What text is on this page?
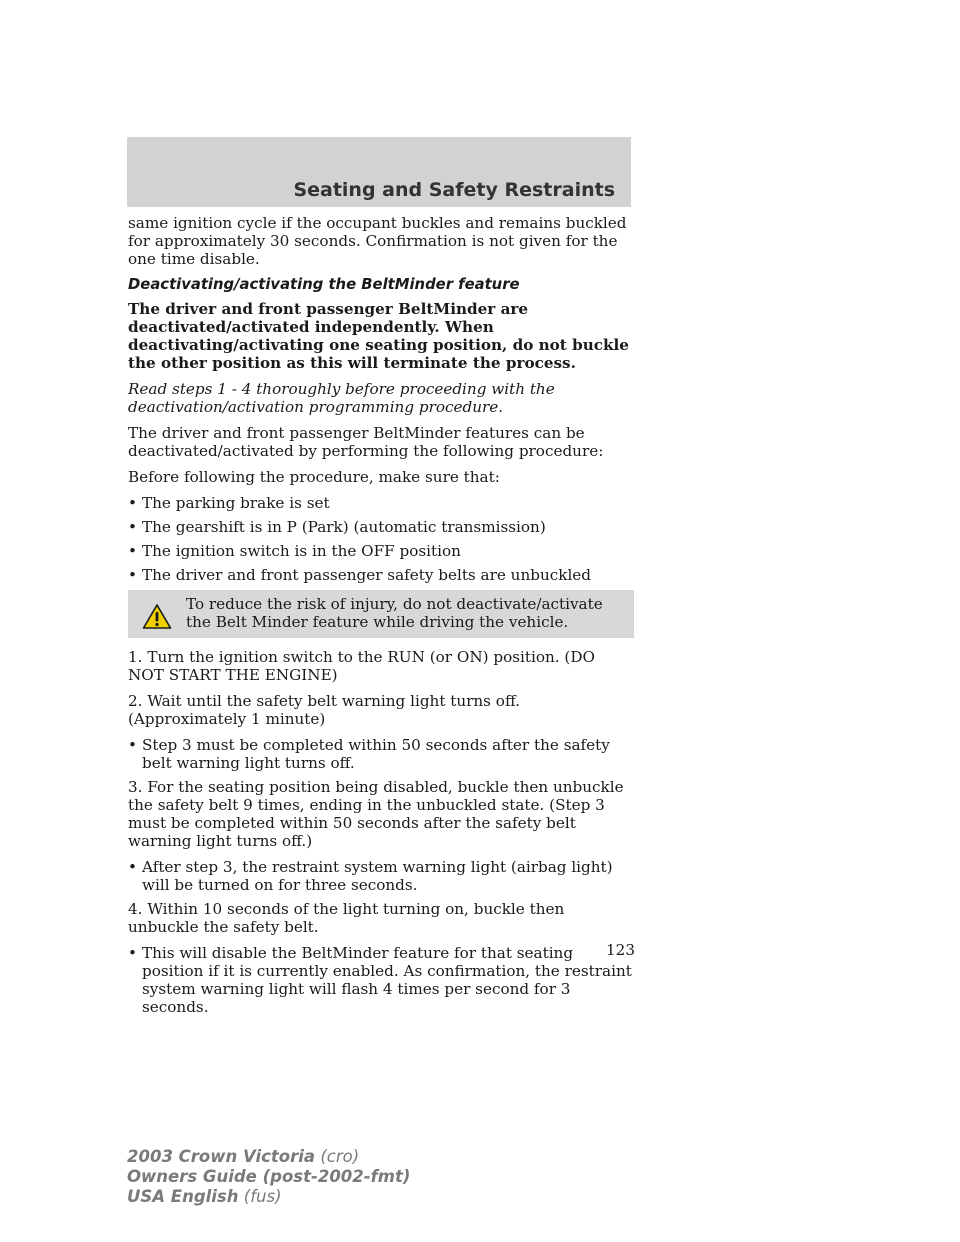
Seating and Safety Restraints

same ignition cycle if the occupant buckles and remains buckled for approximately 30 seconds. Confirmation is not given for the one time disable.

Deactivating/activating the BeltMinder feature

The driver and front passenger BeltMinder are deactivated/activated independently. When deactivating/activating one seating position, do not buckle the other position as this will terminate the process.

Read steps 1 - 4 thoroughly before proceeding with the deactivation/activation programming procedure.

The driver and front passenger BeltMinder features can be deactivated/activated by performing the following procedure:

Before following the procedure, make sure that:

• The parking brake is set
• The gearshift is in P (Park) (automatic transmission)
• The ignition switch is in the OFF position
• The driver and front passenger safety belts are unbuckled
To reduce the risk of injury, do not deactivate/activate the Belt Minder feature while driving the vehicle.

1. Turn the ignition switch to the RUN (or ON) position. (DO NOT START THE ENGINE)

2. Wait until the safety belt warning light turns off. (Approximately 1 minute)

• Step 3 must be completed within 50 seconds after the safety belt warning light turns off.

3. For the seating position being disabled, buckle then unbuckle the safety belt 9 times, ending in the unbuckled state. (Step 3 must be completed within 50 seconds after the safety belt warning light turns off.)

• After step 3, the restraint system warning light (airbag light) will be turned on for three seconds.

4. Within 10 seconds of the light turning on, buckle then unbuckle the safety belt.

• This will disable the BeltMinder feature for that seating position if it is currently enabled. As confirmation, the restraint system warning light will flash 4 times per second for 3 seconds.
123
2003 Crown Victoria (cro)
Owners Guide (post-2002-fmt)
USA English (fus)
